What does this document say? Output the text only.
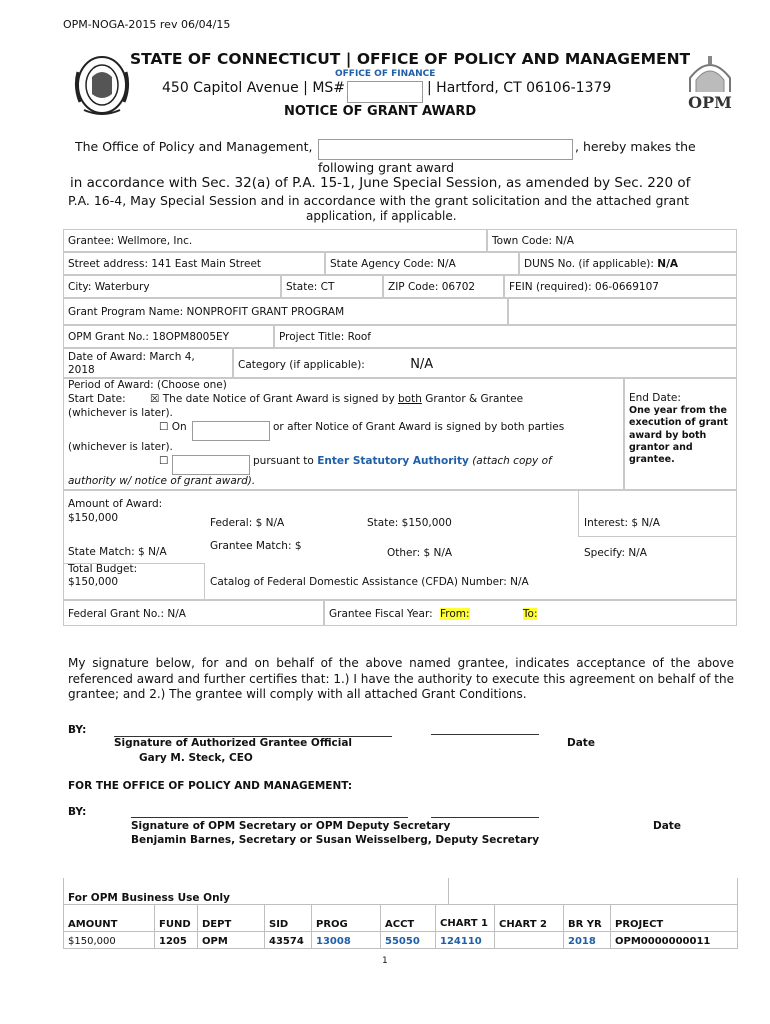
OPM-NOGA-2015 rev 06/04/15
STATE OF CONNECTICUT | OFFICE OF POLICY AND MANAGEMENT
450 Capitol Avenue | MS#
OFFICE OF FINANCE
| Hartford, CT 06106-1379
NOTICE OF GRANT AWARD	OPM
The Office of Policy and Management,	, hereby makes the
following grant award
in accordance with Sec. 32(a) of P.A. 15-1, June Special Session, as amended by Sec. 220 of
P.A. 16-4, May Special Session and in accordance with the grant solicitation and the attached grant
application, if applicable.
Grantee: Wellmore, Inc.	Town Code: N/A
Street address: 141 East Main Street	State Agency Code: N/A	DUNS No. (if applicable): N/A
City: Waterbury	State: CT	ZIP Code: 06702	FEIN (required): 06-0669107
Grant Program Name: NONPROFIT GRANT PROGRAM
OPM Grant No.: 18OPM8005EY	Project Title: Roof
Date of Award: March 4,
2018	Category (if applicable):	N/A
Period of Award: (Choose one)
Start Date: ☒ The date Notice of Grant Award is signed by both Grantor & Grantee
(whichever is later).
☐ On	or after Notice of Grant Award is signed by both parties
(whichever is later).
☐	pursuant to Enter Statutory Authority (attach copy of
authority w/ notice of grant award).
End Date:
One year from the execution of grant award by both grantor and grantee.
Amount of Award:
$150,000	Federal: $ N/A	State: $150,000	Interest: $ N/A
State Match: $ N/A	Grantee Match: $
Other: $ N/A	Specify: N/A
Total Budget:
$150,000	Catalog of Federal Domestic Assistance (CFDA) Number: N/A
Federal Grant No.: N/A	Grantee Fiscal Year: From:	To:
My signature below, for and on behalf of the above named grantee, indicates acceptance of the above referenced award and further certifies that: 1.) I have the authority to execute this agreement on behalf of the grantee; and 2.) The grantee will comply with all attached Grant Conditions.
BY:
Signature of Authorized Grantee Official	Date
Gary M. Steck, CEO
FOR THE OFFICE OF POLICY AND MANAGEMENT:
BY:
Signature of OPM Secretary or OPM Deputy Secretary	Date
Benjamin Barnes, Secretary or Susan Weisselberg, Deputy Secretary
For OPM Business Use Only
AMOUNT	FUND	DEPT	SID	PROG	ACCT	CHART 1	CHART 2	BR YR	PROJECT
$150,000	1205	OPM	43574	13008	55050	124110		2018	OPM0000000011
1
